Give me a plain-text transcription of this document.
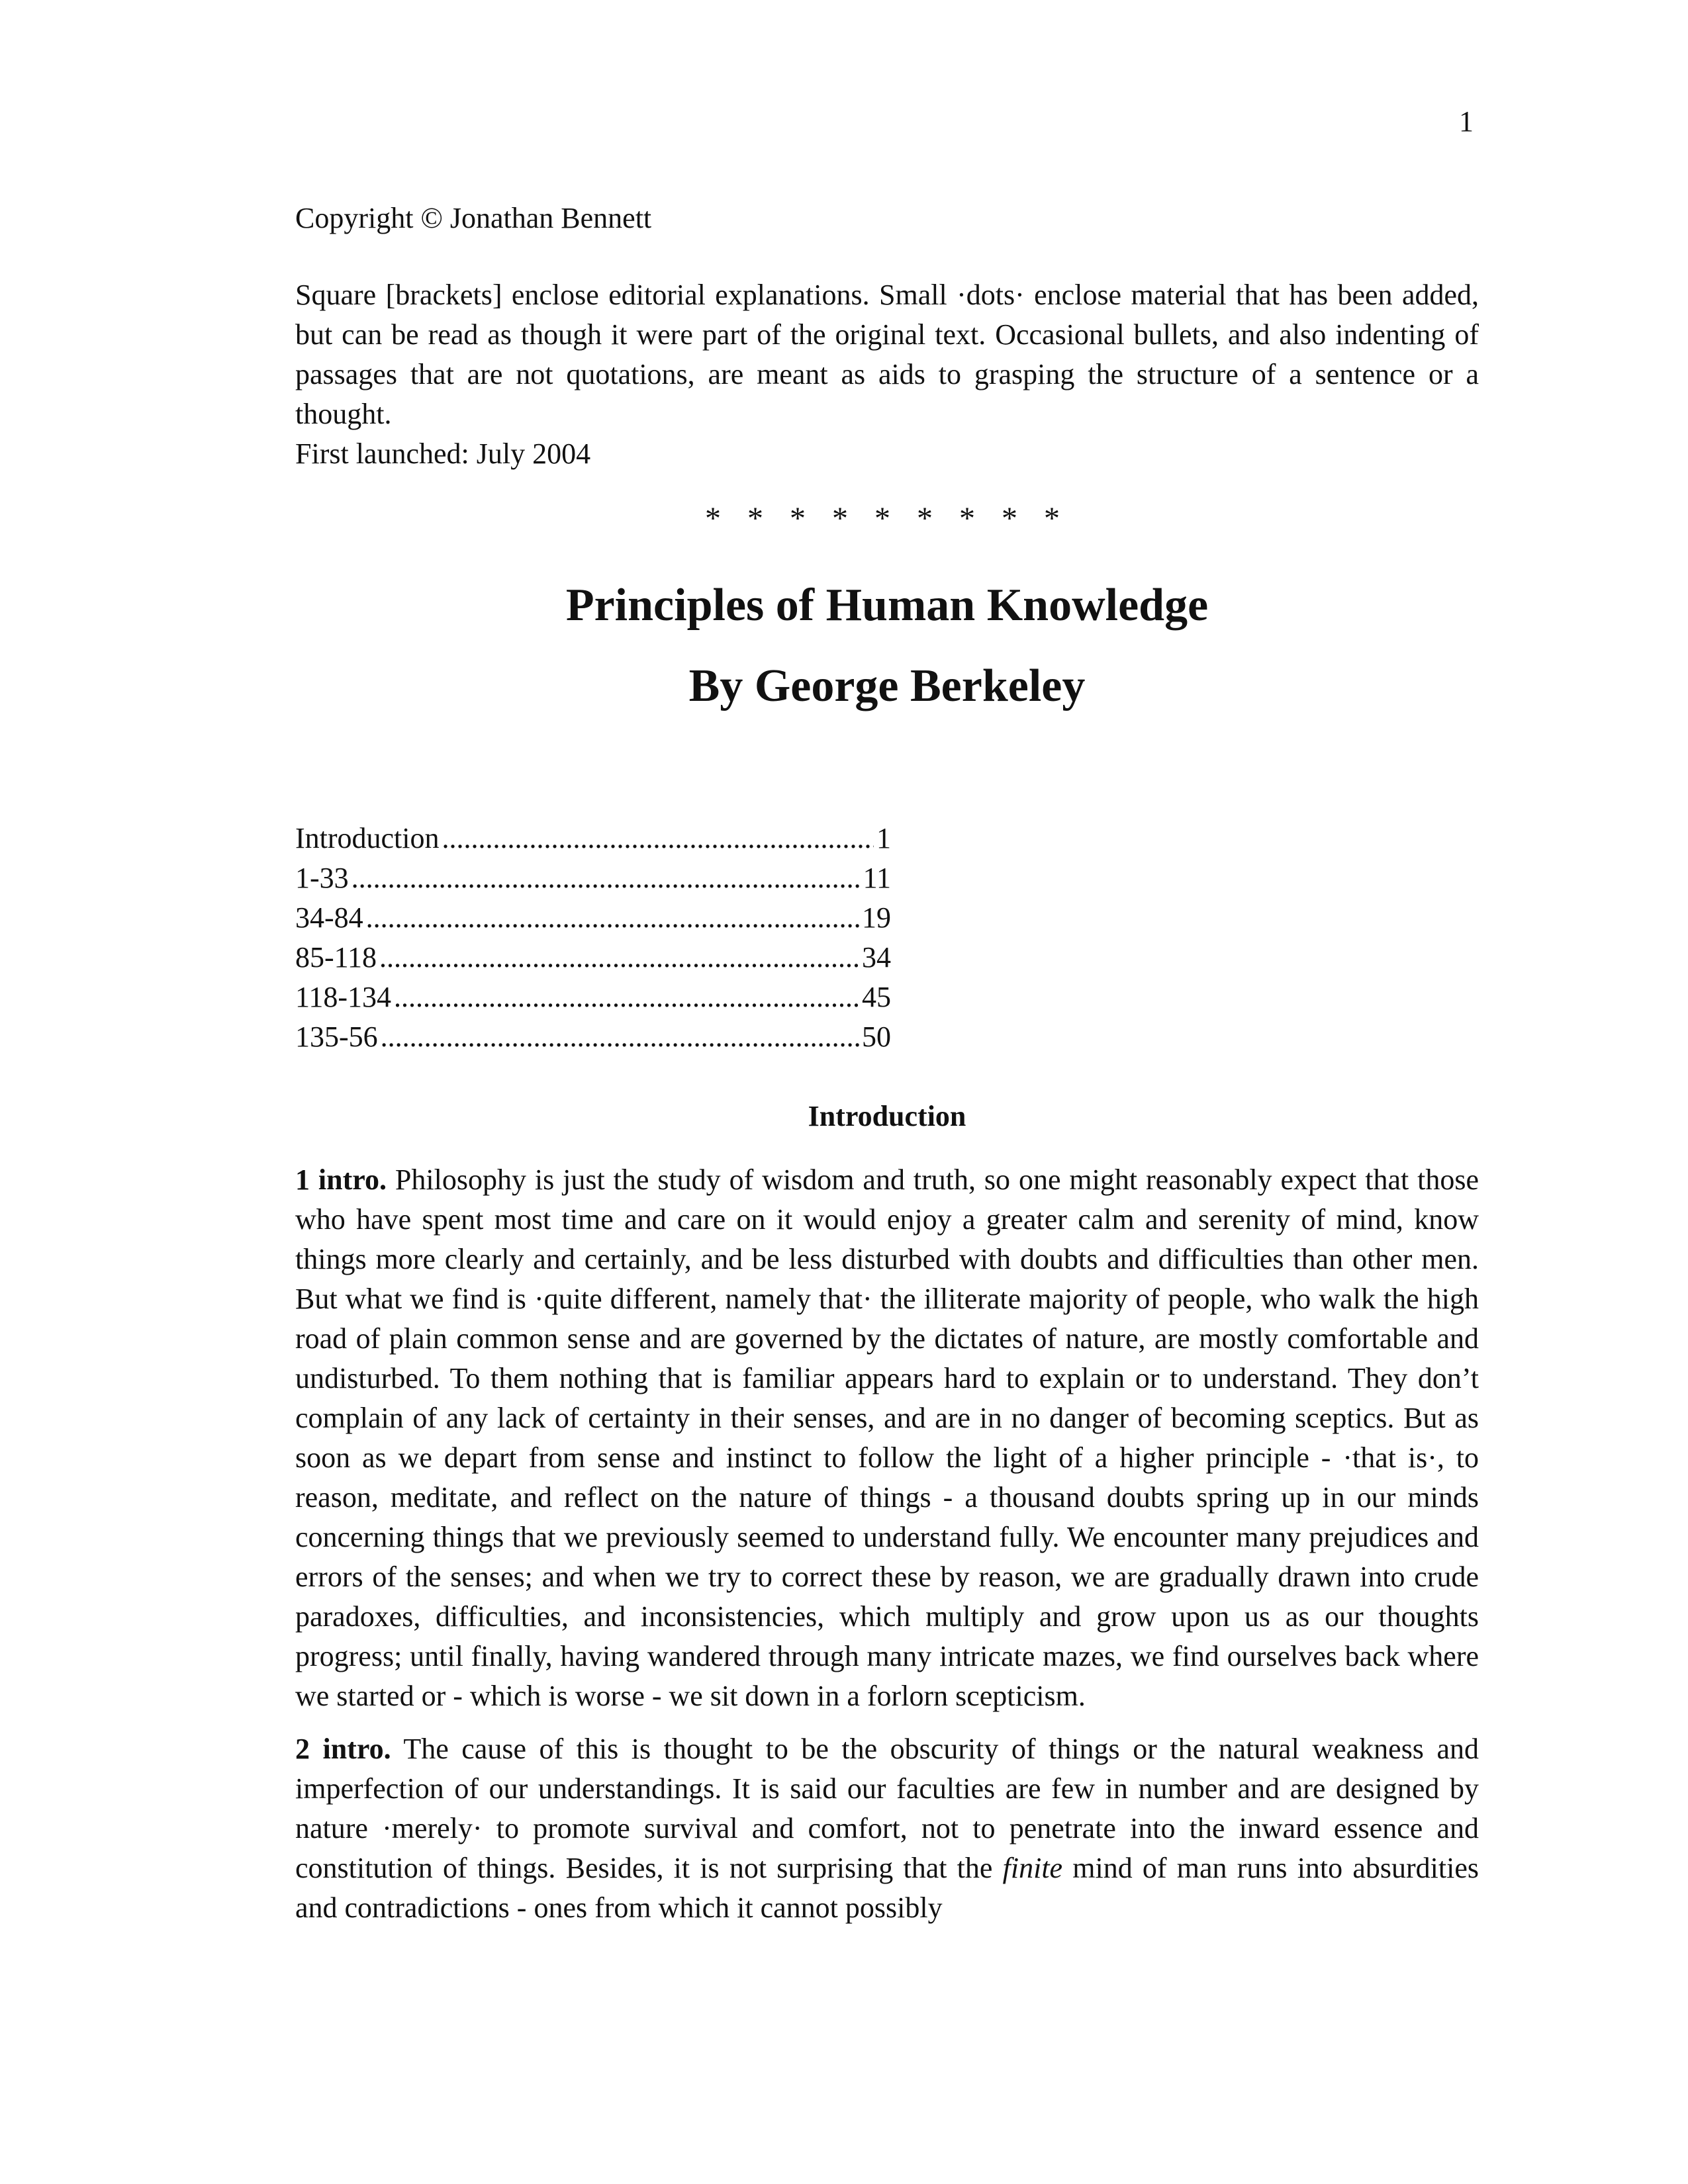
1

Copyright © Jonathan Bennett

Square [brackets] enclose editorial explanations. Small ·dots· enclose material that has been added, but can be read as though it were part of the original text. Occasional bullets, and also indenting of passages that are not quotations, are meant as aids to grasping the structure of a sentence or a thought.

First launched: July 2004

* * * * * * * * *
Principles of Human Knowledge
By George Berkeley
Introduction .....	1
1-33 .....	11
34-84 .....	19
85-118 .....	34
118-134 .....	45
135-56 .....	50
Introduction

1 intro. Philosophy is just the study of wisdom and truth, so one might reasonably expect that those who have spent most time and care on it would enjoy a greater calm and serenity of mind, know things more clearly and certainly, and be less disturbed with doubts and difficulties than other men. But what we find is ·quite different, namely that· the illiterate majority of people, who walk the high road of plain common sense and are governed by the dictates of nature, are mostly comfortable and undisturbed. To them nothing that is familiar appears hard to explain or to understand. They don’t complain of any lack of certainty in their senses, and are in no danger of becoming sceptics. But as soon as we depart from sense and instinct to follow the light of a higher principle - ·that is·, to reason, meditate, and reflect on the nature of things - a thousand doubts spring up in our minds concerning things that we previously seemed to understand fully. We encounter many prejudices and errors of the senses; and when we try to correct these by reason, we are gradually drawn into crude paradoxes, difficulties, and inconsistencies, which multiply and grow upon us as our thoughts progress; until finally, having wandered through many intricate mazes, we find ourselves back where we started or - which is worse - we sit down in a forlorn scepticism.

2 intro. The cause of this is thought to be the obscurity of things or the natural weakness and imperfection of our understandings. It is said our faculties are few in number and are designed by nature ·merely· to promote survival and comfort, not to penetrate into the inward essence and constitution of things. Besides, it is not surprising that the finite mind of man runs into absurdities and contradictions - ones from which it cannot possibly
